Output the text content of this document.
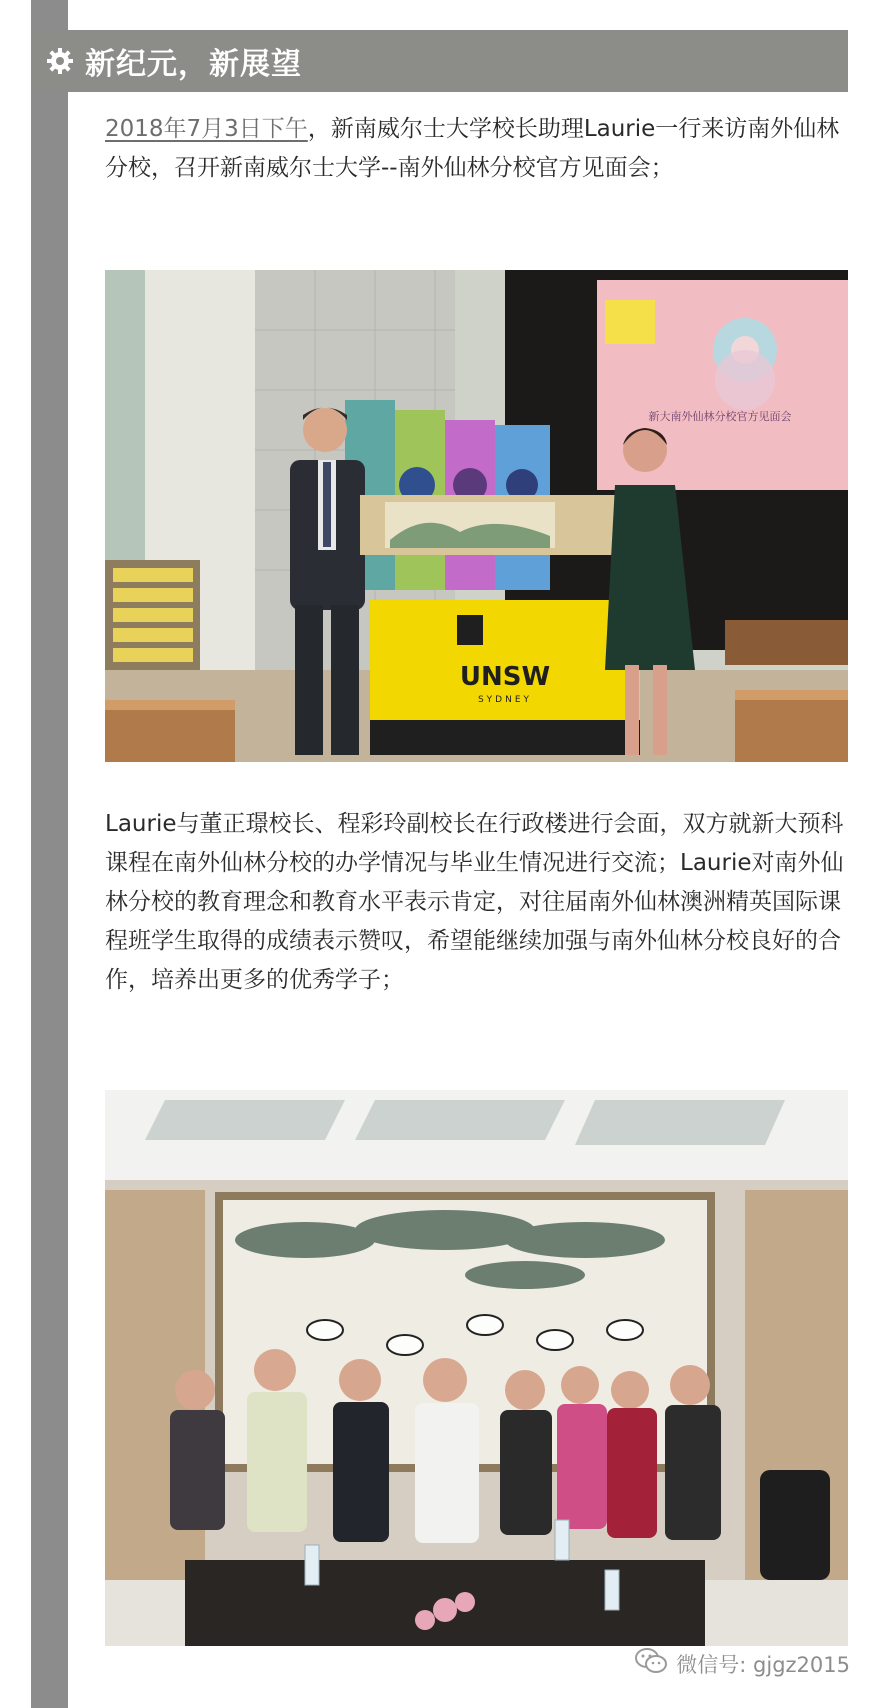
新纪元，新展望

2018年7月3日下午，新南威尔士大学校长助理Laurie一行来访南外仙林分校，召开新南威尔士大学--南外仙林分校官方见面会；

新大南外仙林分校官方见面会
UNSW
SYDNEY

Laurie与董正璟校长、程彩玲副校长在行政楼进行会面，双方就新大预科课程在南外仙林分校的办学情况与毕业生情况进行交流；Laurie对南外仙林分校的教育理念和教育水平表示肯定，对往届南外仙林澳洲精英国际课程班学生取得的成绩表示赞叹，希望能继续加强与南外仙林分校良好的合作，培养出更多的优秀学子；

微信号: gjgz2015
